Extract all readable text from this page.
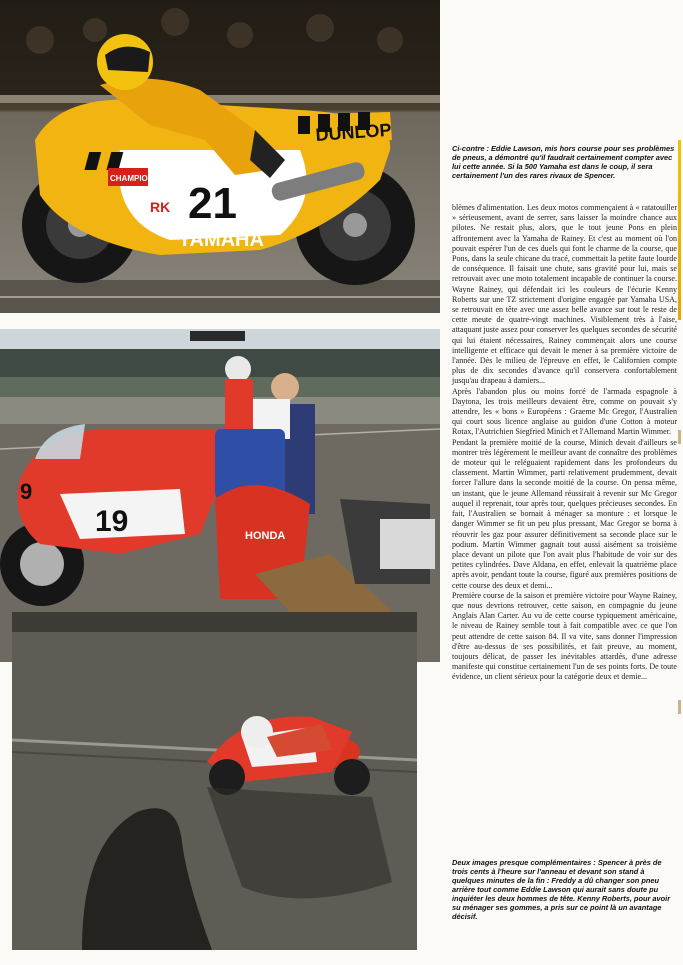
DUNLOP
21
YAMAHA
CHAMPION
RK
19
9
HONDA
Ci-contre : Eddie Lawson, mis hors course pour ses problèmes de pneus, a démontré qu'il faudrait certainement compter avec lui cette année. Si la 500 Yamaha est dans le coup, il sera certainement l'un des rares rivaux de Spencer.

blèmes d'alimentation. Les deux motos commençaient à « ratatouiller » sérieusement, avant de serrer, sans laisser la moindre chance aux pilotes. Ne restait plus, alors, que le tout jeune Pons en plein affrontement avec la Yamaha de Rainey. Et c'est au moment où l'on pouvait espérer l'un de ces duels qui font le charme de la course, que Pons, dans la seule chicane du tracé, commettait la petite faute lourde de conséquence. Il faisait une chute, sans gravité pour lui, mais se retrouvait avec une moto totalement incapable de continuer la course. Wayne Rainey, qui défendait ici les couleurs de l'écurie Kenny Roberts sur une TZ strictement d'origine engagée par Yamaha USA, se retrouvait en tête avec une assez belle avance sur tout le reste de cette meute de quatre-vingt machines. Visiblement très à l'aise, attaquant juste assez pour conserver les quelques secondes de sécurité qui lui étaient nécessaires, Rainey commençait alors une course intelligente et efficace qui devait le mener à sa première victoire de l'année. Dès le milieu de l'épreuve en effet, le Californien compte plus de dix secondes d'avance qu'il conservera confortablement jusqu'au drapeau à damiers...

Après l'abandon plus ou moins forcé de l'armada espagnole à Daytona, les trois meilleurs devaient être, comme on pouvait s'y attendre, les « bons » Européens : Graeme Mc Gregor, l'Australien qui court sous licence anglaise au guidon d'une Cotton à moteur Rotax, l'Autrichien Siegfried Minich et l'Allemand Martin Wimmer.

Pendant la première moitié de la course, Minich devait d'ailleurs se montrer très légèrement le meilleur avant de connaître des problèmes de moteur qui le reléguaient rapidement dans les profondeurs du classement. Martin Wimmer, parti relativement prudemment, devait forcer l'allure dans la seconde moitié de la course. On pensa même, un instant, que le jeune Allemand réussirait à revenir sur Mc Gregor auquel il reprenait, tour après tour, quelques précieuses secondes. En fait, l'Australien se bornait à ménager sa monture : et lorsque le danger Wimmer se fit un peu plus pressant, Mac Gregor se borna à réouvrir les gaz pour assurer définitivement sa seconde place sur le podium. Martin Wimmer gagnait tout aussi aisément sa troisième place devant un pilote que l'on avait plus l'habitude de voir sur des petites cylindrées. Dave Aldana, en effet, enlevait la quatrième place après avoir, pendant toute la course, figuré aux premières positions de cette course des deux et demi...

Première course de la saison et première victoire pour Wayne Rainey, que nous devrions retrouver, cette saison, en compagnie du jeune Anglais Alan Carter. Au vu de cette course typiquement américaine, le niveau de Rainey semble tout à fait compatible avec ce que l'on peut attendre de cette saison 84. Il va vite, sans donner l'impression d'être au-dessus de ses possibilités, et fait preuve, au moment, toujours délicat, de passer les inévitables attardés, d'une adresse manifeste qui constitue certainement l'un de ses points forts. De toute évidence, un client sérieux pour la catégorie deux et demie...

Deux images presque complémentaires : Spencer à près de trois cents à l'heure sur l'anneau et devant son stand à quelques minutes de la fin : Freddy a dû changer son pneu arrière tout comme Eddie Lawson qui aurait sans doute pu inquiéter les deux hommes de tête. Kenny Roberts, pour avoir su ménager ses gommes, a pris sur ce point là un avantage décisif.
